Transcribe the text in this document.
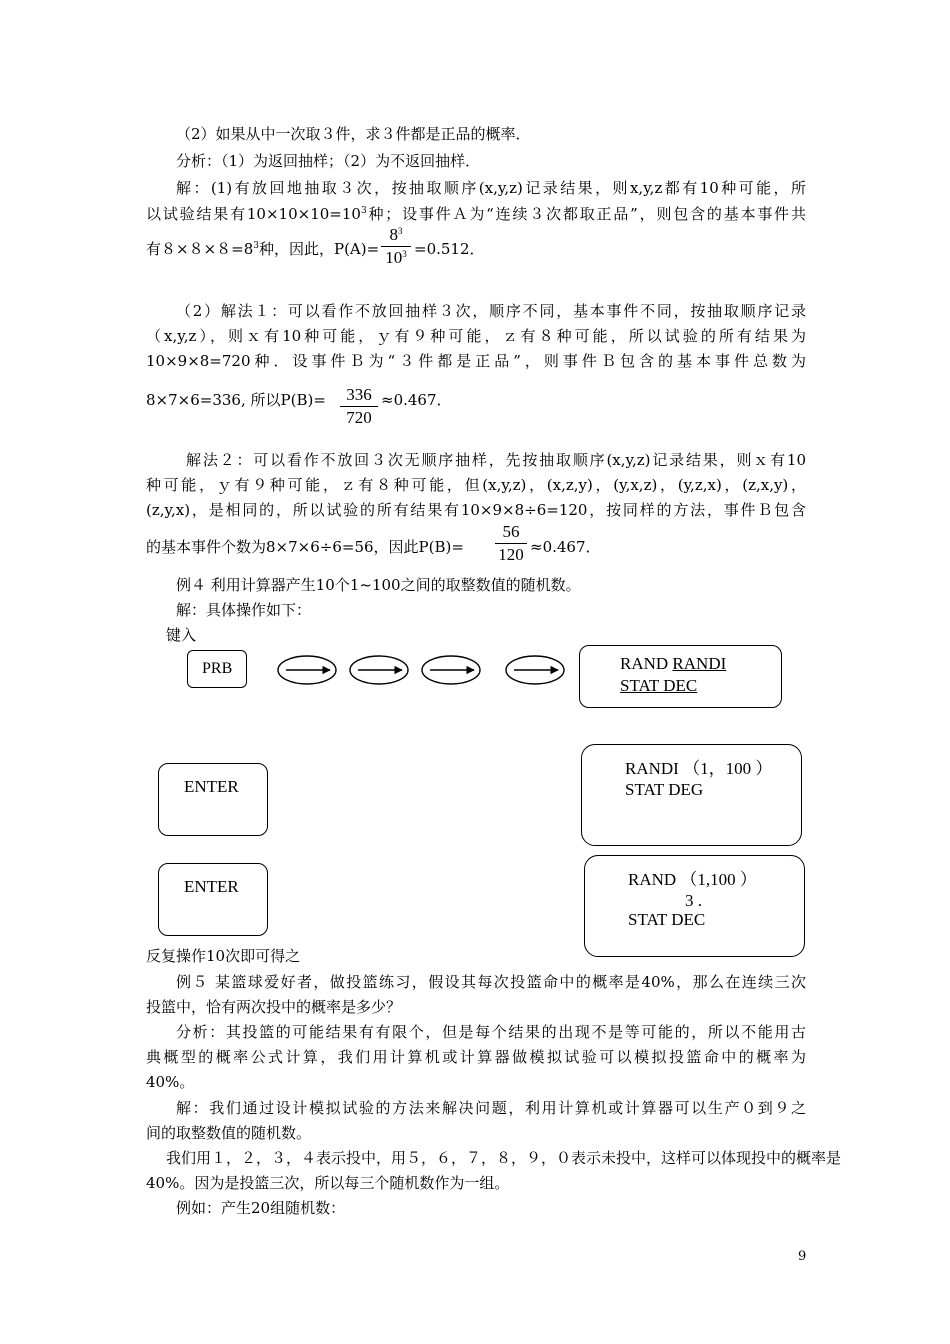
（2）如果从中一次取３件，求３件都是正品的概率．
分析：（1）为返回抽样；（2）为不返回抽样．
解：(1)有放回地抽取３次，按抽取顺序(x,y,z)记录结果，则x,y,z都有10种可能，所
以试验结果有$10\times 10\times 10=10^3$种；设事件Ａ为“连续３次都取正品”，则包含的基本事件共
有$8\times 8\times 8=8^3$种，因此，P(A)=
$8^3$
$10^3 =0.512$．
（2）解法１：可以看作不放回抽样３次，顺序不同，基本事件不同，按抽取顺序记录
（x,y,z），则ｘ有10种可能，ｙ有９种可能，ｚ有８种可能，所以试验的所有结果为
10×9×8=720种．设事件Ｂ为“３件都是正品”，则事件Ｂ包含的基本事件总数为
8×7×6=336, 所以P(B)=	336
720
≈0.467．
解法２：可以看作不放回３次无顺序抽样，先按抽取顺序(x,y,z)记录结果，则ｘ有10
种可能，ｙ有９种可能，ｚ有８种可能，但(x,y,z)，(x,z,y)，(y,x,z)，(y,z,x)，(z,x,y)，
(z,y,x)，是相同的，所以试验的所有结果有10×9×8÷6=120，按同样的方法，事件Ｂ包含
的基本事件个数为8×7×6÷6=56，因此P(B)=
56
120 ≈0.467．
例４ 利用计算器产生10个1~100之间的取整数值的随机数。
解：具体操作如下：
键入
PRB	RAND RANDI
STAT DEC
ENTER
RANDI （1，100 ）
STAT DEG
ENTER	RAND （1,100 ）
3 .
STAT DEC
反复操作10次即可得之
例５ 某篮球爱好者，做投篮练习，假设其每次投篮命中的概率是40%，那么在连续三次
投篮中，恰有两次投中的概率是多少？
分析：其投篮的可能结果有有限个，但是每个结果的出现不是等可能的，所以不能用古
典概型的概率公式计算，我们用计算机或计算器做模拟试验可以模拟投篮命中的概率为
40%。
解：我们通过设计模拟试验的方法来解决问题，利用计算机或计算器可以生产０到９之
间的取整数值的随机数。
我们用１，２，３，４表示投中，用５，６，７，８，９，０表示未投中，这样可以体现投中的概率是
40%。因为是投篮三次，所以每三个随机数作为一组。
例如：产生20组随机数：
9
